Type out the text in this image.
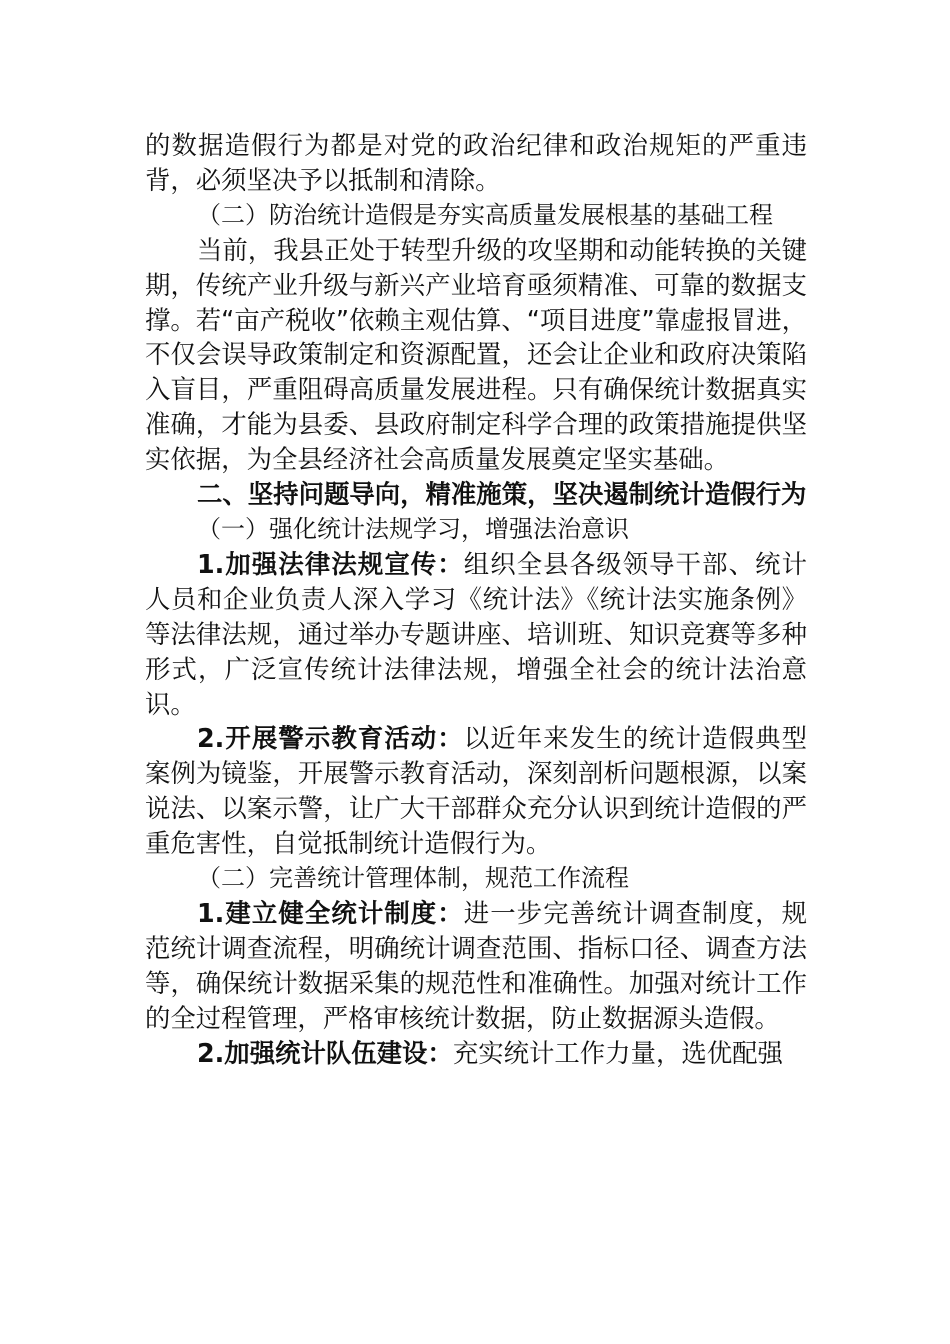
的数据造假行为都是对党的政治纪律和政治规矩的严重违背，必须坚决予以抵制和清除。

（二）防治统计造假是夯实高质量发展根基的基础工程

当前，我县正处于转型升级的攻坚期和动能转换的关键期，传统产业升级与新兴产业培育亟须精准、可靠的数据支撑。若“亩产税收”依赖主观估算、“项目进度”靠虚报冒进，不仅会误导政策制定和资源配置，还会让企业和政府决策陷入盲目，严重阻碍高质量发展进程。只有确保统计数据真实准确，才能为县委、县政府制定科学合理的政策措施提供坚实依据，为全县经济社会高质量发展奠定坚实基础。

二、坚持问题导向，精准施策，坚决遏制统计造假行为

（一）强化统计法规学习，增强法治意识

1.加强法律法规宣传：组织全县各级领导干部、统计人员和企业负责人深入学习《统计法》《统计法实施条例》等法律法规，通过举办专题讲座、培训班、知识竞赛等多种形式，广泛宣传统计法律法规，增强全社会的统计法治意识。

2.开展警示教育活动：以近年来发生的统计造假典型案例为镜鉴，开展警示教育活动，深刻剖析问题根源，以案说法、以案示警，让广大干部群众充分认识到统计造假的严重危害性，自觉抵制统计造假行为。

（二）完善统计管理体制，规范工作流程

1.建立健全统计制度：进一步完善统计调查制度，规范统计调查流程，明确统计调查范围、指标口径、调查方法等，确保统计数据采集的规范性和准确性。加强对统计工作的全过程管理，严格审核统计数据，防止数据源头造假。

2.加强统计队伍建设：充实统计工作力量，选优配强
